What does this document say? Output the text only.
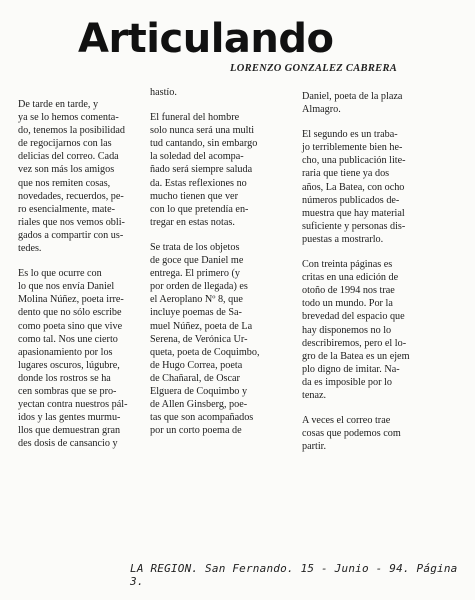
Articulando
LORENZO GONZALEZ CABRERA

De tarde en tarde, y
ya se lo hemos comenta-
do, tenemos la posibilidad
de regocijarnos con las
delicias del correo. Cada
vez son más los amigos
que nos remiten cosas,
novedades, recuerdos, pe-
ro esencialmente, mate-
riales que nos vemos obli-
gados a compartir con us-
tedes.

Es lo que ocurre con
lo que nos envía Daniel
Molina Núñez, poeta irre-
dento que no sólo escribe
como poeta sino que vive
como tal. Nos une cierto
apasionamiento por los
lugares oscuros, lúgubre,
donde los rostros se ha
cen sombras que se pro-
yectan contra nuestros pál-
idos y las gentes murmu-
llos que demuestran gran
des dosis de cansancio y

hastío.

El funeral del hombre
solo nunca será una multi
tud cantando, sin embargo
la soledad del acompa-
ñado será siempre saluda
da. Estas reflexiones no
mucho tienen que ver
con lo que pretendía en-
tregar en estas notas.

Se trata de los objetos
de goce que Daniel me
entrega. El primero (y
por orden de llegada) es
el Aeroplano Nº 8, que
incluye poemas de Sa-
muel Núñez, poeta de La
Serena, de Verónica Ur-
queta, poeta de Coquimbo,
de Hugo Correa, poeta
de Chañaral, de Oscar
Elguera de Coquimbo y
de Allen Ginsberg, poe-
tas que son acompañados
por un corto poema de

Daniel, poeta de la plaza
Almagro.

El segundo es un traba-
jo terriblemente bien he-
cho, una publicación lite-
raria que tiene ya dos
años, La Batea, con ocho
números publicados de-
muestra que hay material
suficiente y personas dis-
puestas a mostrarlo.

Con treinta páginas es
critas en una edición de
otoño de 1994 nos trae
todo un mundo. Por la
brevedad del espacio que
hay disponemos no lo
describiremos, pero el lo-
gro de la Batea es un ejem
plo digno de imitar. Na-
da es imposible por lo
tenaz.

A veces el correo trae
cosas que podemos com
partir.

LA REGION. San Fernando. 15 - Junio - 94. Página 3.
